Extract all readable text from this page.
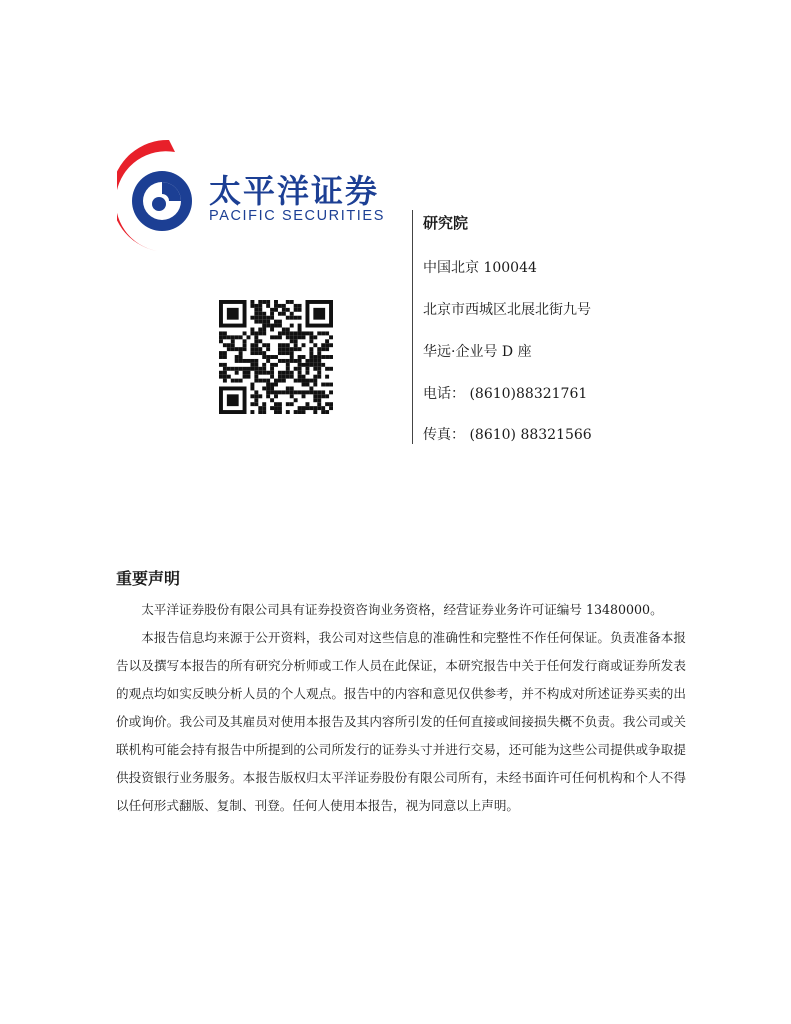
太平洋证券
PACIFIC SECURITIES	研究院
中国北京 100044
北京市西城区北展北街九号
华远·企业号 D 座
电话： (8610)88321761
传真： (8610) 88321566
重要声明

太平洋证券股份有限公司具有证券投资咨询业务资格，经营证券业务许可证编号 13480000。

本报告信息均来源于公开资料，我公司对这些信息的准确性和完整性不作任何保证。负责准备本报告以及撰写本报告的所有研究分析师或工作人员在此保证，本研究报告中关于任何发行商或证券所发表的观点均如实反映分析人员的个人观点。报告中的内容和意见仅供参考，并不构成对所述证券买卖的出价或询价。我公司及其雇员对使用本报告及其内容所引发的任何直接或间接损失概不负责。我公司或关联机构可能会持有报告中所提到的公司所发行的证券头寸并进行交易，还可能为这些公司提供或争取提供投资银行业务服务。本报告版权归太平洋证券股份有限公司所有，未经书面许可任何机构和个人不得以任何形式翻版、复制、刊登。任何人使用本报告，视为同意以上声明。
